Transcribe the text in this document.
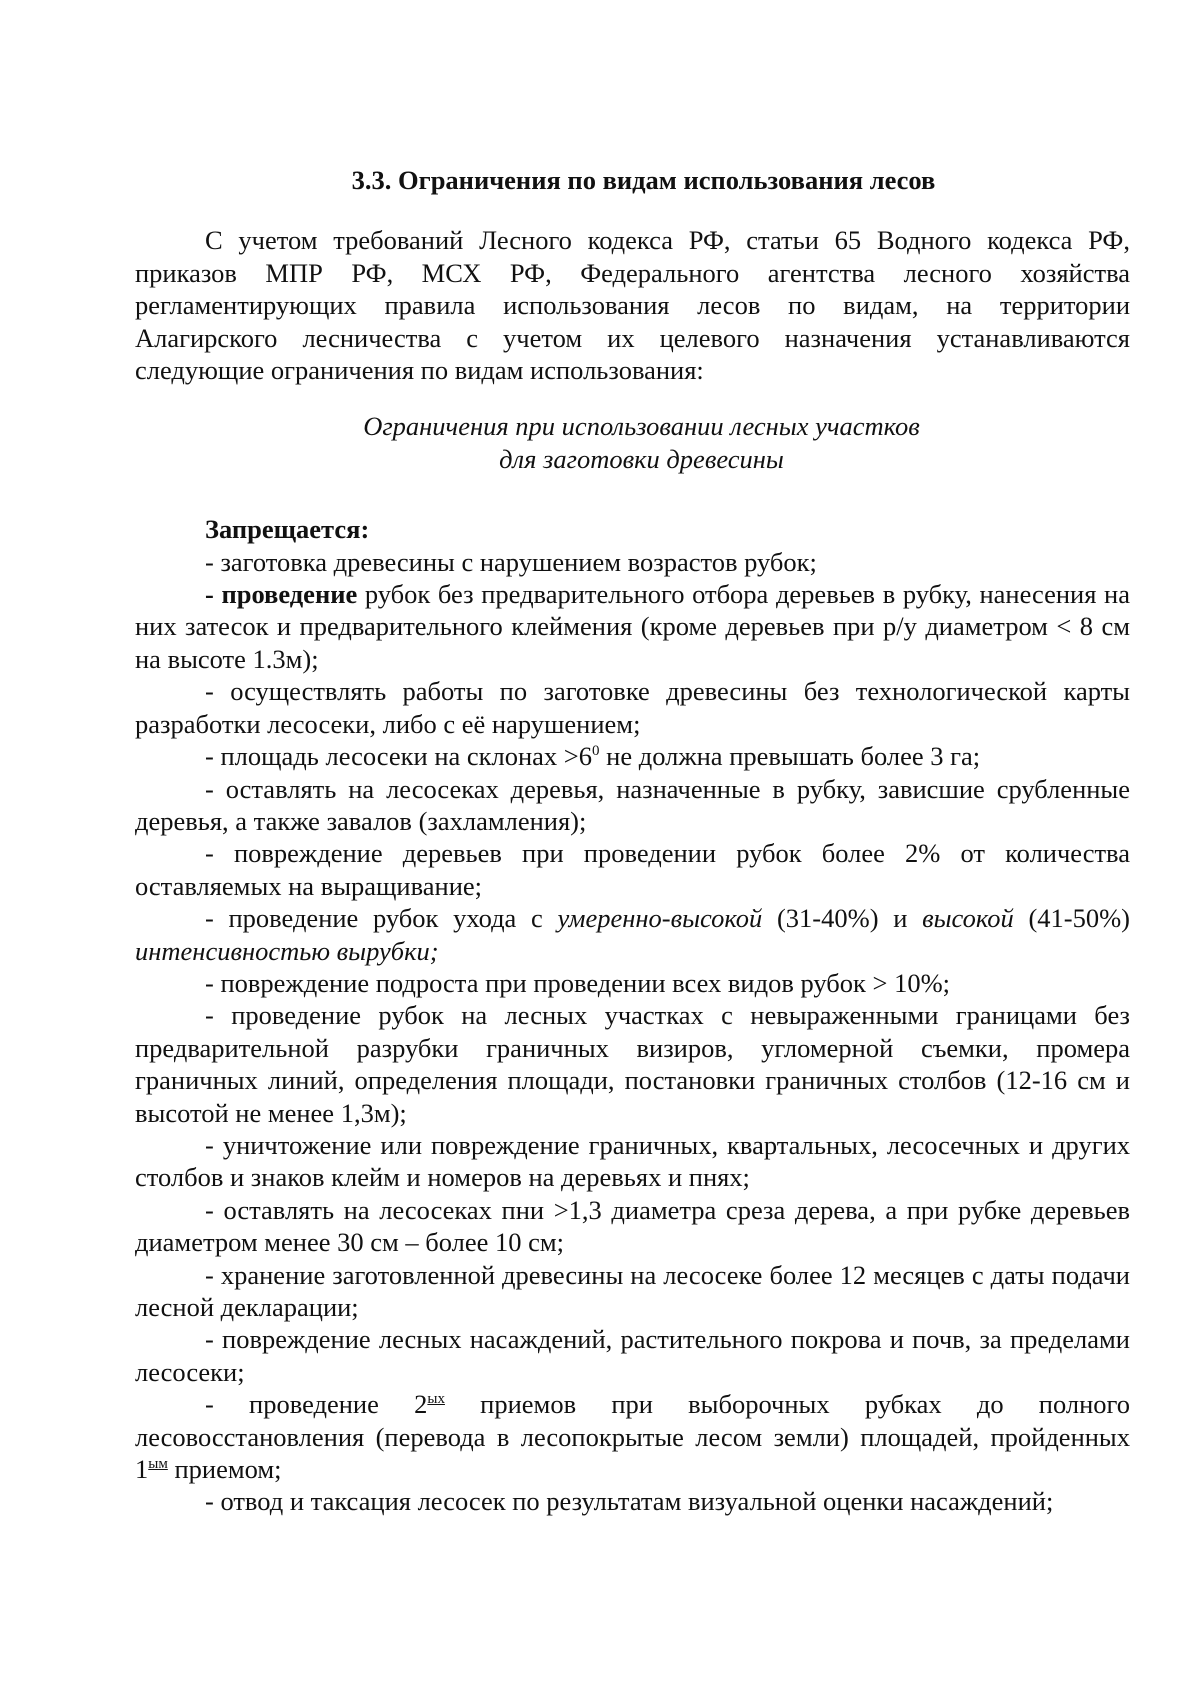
3.3. Ограничения по видам использования лесов

С учетом требований Лесного кодекса РФ, статьи 65 Водного кодекса РФ, приказов МПР РФ, МСХ РФ, Федерального агентства лесного хозяйства регламентирующих правила использования лесов по видам, на территории Алагирского лесничества с учетом их целевого назначения устанавливаются следующие ограничения по видам использования:

Ограничения при использовании лесных участков
для заготовки древесины

Запрещается:

- заготовка древесины с нарушением возрастов рубок;

- проведение рубок без предварительного отбора деревьев в рубку, нанесения на них затесок и предварительного клеймения (кроме деревьев при р/у диаметром < 8 см на высоте 1.3м);

- осуществлять работы по заготовке древесины без технологической карты разработки лесосеки, либо с её нарушением;

- площадь лесосеки на склонах $>6^0$ не должна превышать более 3 га;

- оставлять на лесосеках деревья, назначенные в рубку, зависшие срубленные деревья, а также завалов (захламления);

- повреждение деревьев при проведении рубок более 2% от количества оставляемых на выращивание;

- проведение рубок ухода с умеренно-высокой (31-40%) и высокой (41-50%) интенсивностью вырубки;

- повреждение подроста при проведении всех видов рубок > 10%;

- проведение рубок на лесных участках с невыраженными границами без предварительной разрубки граничных визиров, угломерной съемки, промера граничных линий, определения площади, постановки граничных столбов (12-16 см и высотой не менее 1,3м);

- уничтожение или повреждение граничных, квартальных, лесосечных и других столбов и знаков клейм и номеров на деревьях и пнях;

- оставлять на лесосеках пни >1,3 диаметра среза дерева, а при рубке деревьев диаметром менее 30 см – более 10 см;

- хранение заготовленной древесины на лесосеке более 12 месяцев с даты подачи лесной декларации;

- повреждение лесных насаждений, растительного покрова и почв, за пределами лесосеки;

- проведение $2^{ых}$ приемов при выборочных рубках до полного лесовосстановления (перевода в лесопокрытые лесом земли) площадей, пройденных $1^{ым}$ приемом;

- отвод и таксация лесосек по результатам визуальной оценки насаждений;
